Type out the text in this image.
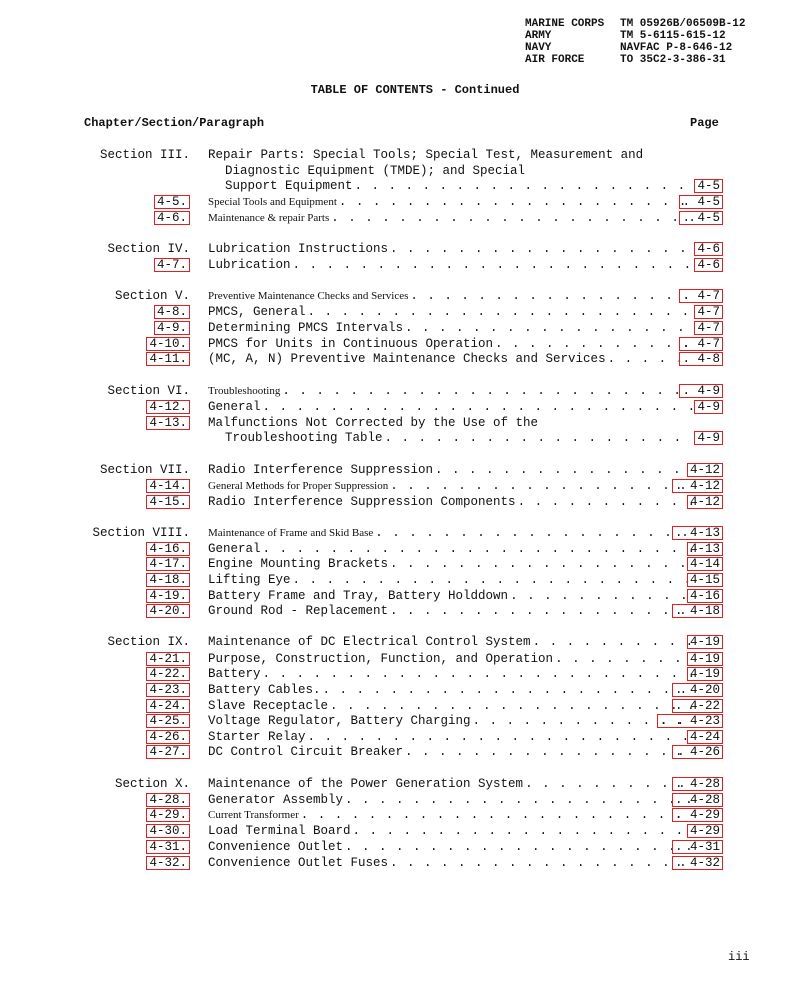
MARINE CORPS	TM 05926B/06509B-12
ARMY	TM 5-6115-615-12
NAVY	NAVFAC P-8-646-12
AIR FORCE	TO 35C2-3-386-31
TABLE OF CONTENTS - Continued
Chapter/Section/Paragraph	Page
Section III. Repair Parts: Special Tools; Special Test, Measurement and
Diagnostic Equipment (TMDE); and Special
Support Equipment . . .	4-5
4-5. Special Tools and Equipment . . .	. 4-5
4-6. Maintenance & repair Parts . . .	. 4-5
Section IV. Lubrication Instructions . . .	4-6
4-7. Lubrication . . .	4-6
Section V. Preventive Maintenance Checks and Services . . .	. 4-7
4-8. PMCS, General . . .	4-7
4-9. Determining PMCS Intervals . . .	4-7
4-10. PMCS for Units in Continuous Operation . . .	. 4-7
4-11. (MC, A, N) Preventive Maintenance Checks and Services . . .	. 4-8
Section VI. Troubleshooting . . .	. 4-9
4-12. General . . .	4-9
4-13. Malfunctions Not Corrected by the Use of the
Troubleshooting Table . . .	4-9
Section VII. Radio Interference Suppression . . .	4-12
4-14. General Methods for Proper Suppression . . .	. 4-12
4-15. Radio Interference Suppression Components . . .	4-12
Section VIII. Maintenance of Frame and Skid Base . . .	. 4-13
4-16. General . . .	4-13
4-17. Engine Mounting Brackets . . .	4-14
4-18. Lifting Eye . . .	4-15
4-19. Battery Frame and Tray, Battery Holddown . . .	4-16
4-20. Ground Rod - Replacement . . .	. 4-18
Section IX. Maintenance of DC Electrical Control System . . .	4-19
4-21. Purpose, Construction, Function, and Operation . . .	4-19
4-22. Battery . . .	4-19
4-23. Battery Cables. . . .	. 4-20
4-24. Slave Receptacle . . .	. 4-22
4-25. Voltage Regulator, Battery Charging . . .	. . 4-23
4-26. Starter Relay . . .	4-24
4-27. DC Control Circuit Breaker . . .	. 4-26
Section X. Maintenance of the Power Generation System . . .	. 4-28
4-28. Generator Assembly . . .	. 4-28
4-29. Current Transformer . . .	. 4-29
4-30. Load Terminal Board . . .	4-29
4-31. Convenience Outlet . . .	. 4-31
4-32. Convenience Outlet Fuses . . .	. 4-32
iii
